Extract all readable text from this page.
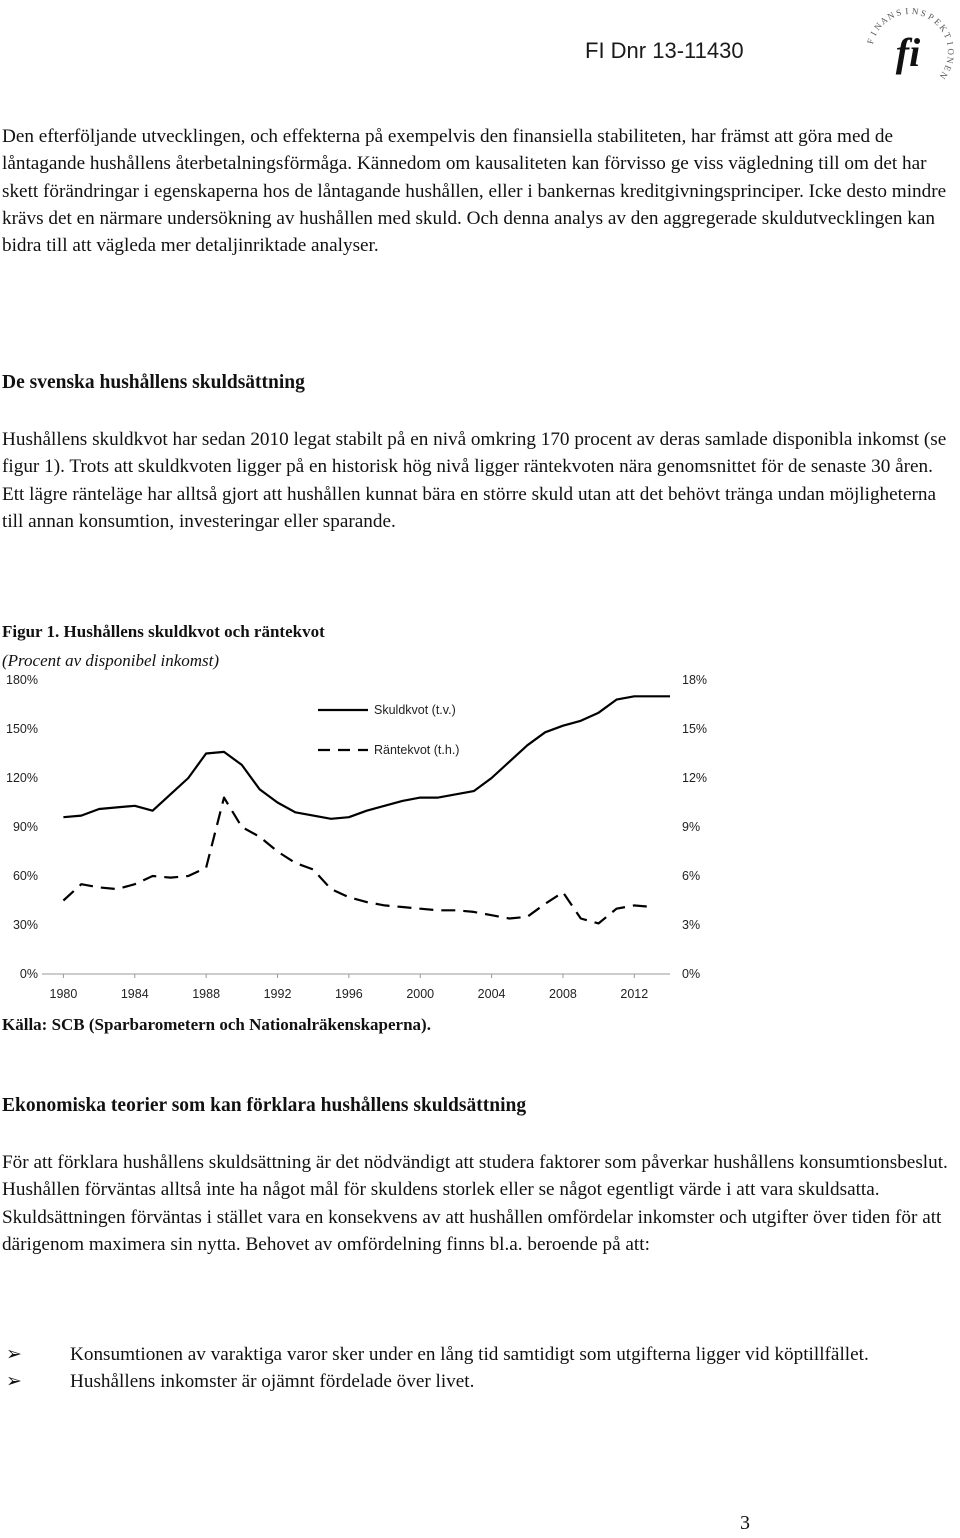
FI Dnr 13-11430	F
I
N
A
N
S I N S
P
E
K
T
I
O
N
E
N
fi

Den efterföljande utvecklingen, och effekterna på exempelvis den finansiella stabiliteten, har främst att göra med de låntagande hushållens återbetalningsförmåga. Kännedom om kausaliteten kan förvisso ge viss vägledning till om det har skett förändringar i egenskaperna hos de låntagande hushållen, eller i bankernas kreditgivningsprinciper. Icke desto mindre krävs det en närmare undersökning av hushållen med skuld. Och denna analys av den aggregerade skuldutvecklingen kan bidra till att vägleda mer detaljinriktade analyser.

De svenska hushållens skuldsättning

Hushållens skuldkvot har sedan 2010 legat stabilt på en nivå omkring 170 procent av deras samlade disponibla inkomst (se figur 1). Trots att skuldkvoten ligger på en historisk hög nivå ligger räntekvoten nära genomsnittet för de senaste 30 åren. Ett lägre ränteläge har alltså gjort att hushållen kunnat bära en större skuld utan att det behövt tränga undan möjligheterna till annan konsumtion, investeringar eller sparande.

Figur 1. Hushållens skuldkvot och räntekvot
(Procent av disponibel inkomst)
0%
30%
60%
90%
120%
150%
180%
0%
3%
6%
9%
12%
15%
18%
1980	1984	1988	1992	1996	2000	2004	2008	2012
Skuldkvot (t.v.)
Räntekvot (t.h.)
Källa: SCB (Sparbarometern och Nationalräkenskaperna).
Ekonomiska teorier som kan förklara hushållens skuldsättning

För att förklara hushållens skuldsättning är det nödvändigt att studera faktorer som påverkar hushållens konsumtionsbeslut. Hushållen förväntas alltså inte ha något mål för skuldens storlek eller se något egentligt värde i att vara skuldsatta. Skuldsättningen förväntas i stället vara en konsekvens av att hushållen omfördelar inkomster och utgifter över tiden för att därigenom maximera sin nytta. Behovet av omfördelning finns bl.a. beroende på att:

➢	Konsumtionen av varaktiga varor sker under en lång tid samtidigt som utgifterna ligger vid köptillfället.
➢	Hushållens inkomster är ojämnt fördelade över livet.
3
